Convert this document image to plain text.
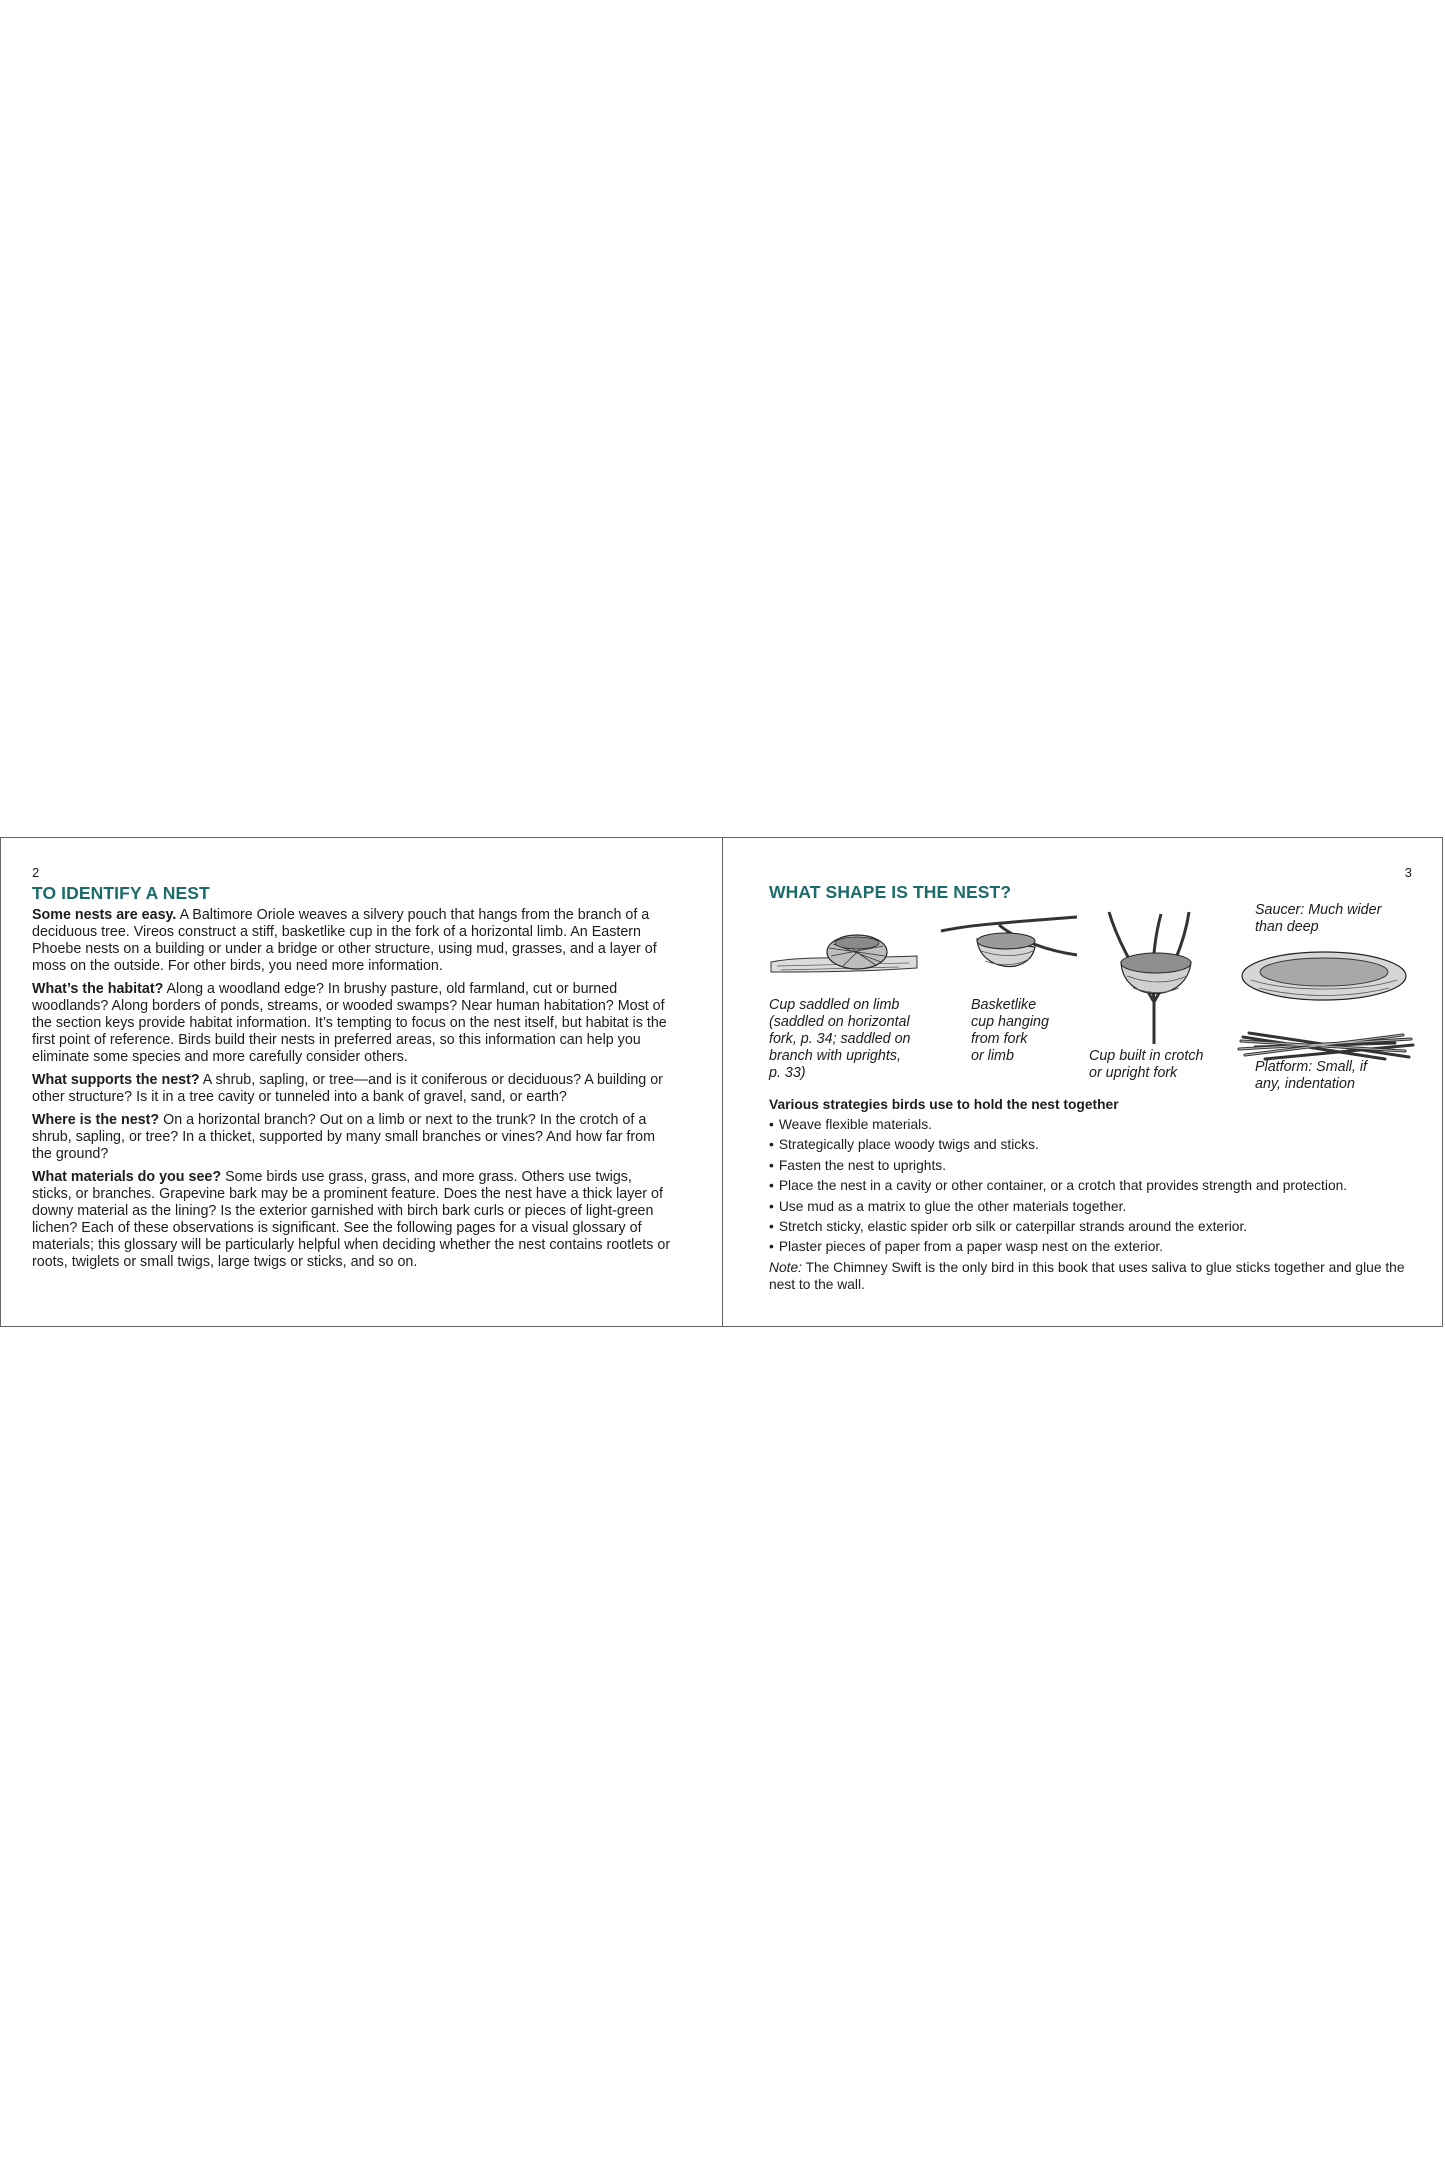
2
TO IDENTIFY A NEST

Some nests are easy. A Baltimore Oriole weaves a silvery pouch that hangs from the branch of a deciduous tree. Vireos construct a stiff, basketlike cup in the fork of a horizontal limb. An Eastern Phoebe nests on a building or under a bridge or other structure, using mud, grasses, and a layer of moss on the outside. For other birds, you need more information.

What’s the habitat? Along a woodland edge? In brushy pasture, old farmland, cut or burned woodlands? Along borders of ponds, streams, or wooded swamps? Near human habitation? Most of the section keys provide habitat information. It’s tempting to focus on the nest itself, but habitat is the first point of reference. Birds build their nests in preferred areas, so this information can help you eliminate some species and more carefully consider others.

What supports the nest? A shrub, sapling, or tree—and is it coniferous or deciduous? A building or other structure? Is it in a tree cavity or tunneled into a bank of gravel, sand, or earth?

Where is the nest? On a horizontal branch? Out on a limb or next to the trunk? In the crotch of a shrub, sapling, or tree? In a thicket, supported by many small branches or vines? And how far from the ground?

What materials do you see? Some birds use grass, grass, and more grass. Others use twigs, sticks, or branches. Grapevine bark may be a prominent feature. Does the nest have a thick layer of downy material as the lining? Is the exterior garnished with birch bark curls or pieces of light-green lichen? Each of these observations is significant. See the following pages for a visual glossary of materials; this glossary will be particularly helpful when deciding whether the nest contains rootlets or roots, twiglets or small twigs, large twigs or sticks, and so on.

3
WHAT SHAPE IS THE NEST?
Cup saddled on limb
(saddled on horizontal
fork, p. 34; saddled on
branch with uprights,
p. 33)
Basketlike
cup hanging
from fork
or limb	Cup built in crotch
or upright fork
Saucer: Much wider
than deep
Platform: Small, if
any, indentation
Various strategies birds use to hold the nest together
• Weave flexible materials.
• Strategically place woody twigs and sticks.
• Fasten the nest to uprights.
• Place the nest in a cavity or other container, or a crotch that provides strength and protection.
• Use mud as a matrix to glue the other materials together.
• Stretch sticky, elastic spider orb silk or caterpillar strands around the exterior.
• Plaster pieces of paper from a paper wasp nest on the exterior.
Note: The Chimney Swift is the only bird in this book that uses saliva to glue sticks together and glue the nest to the wall.
